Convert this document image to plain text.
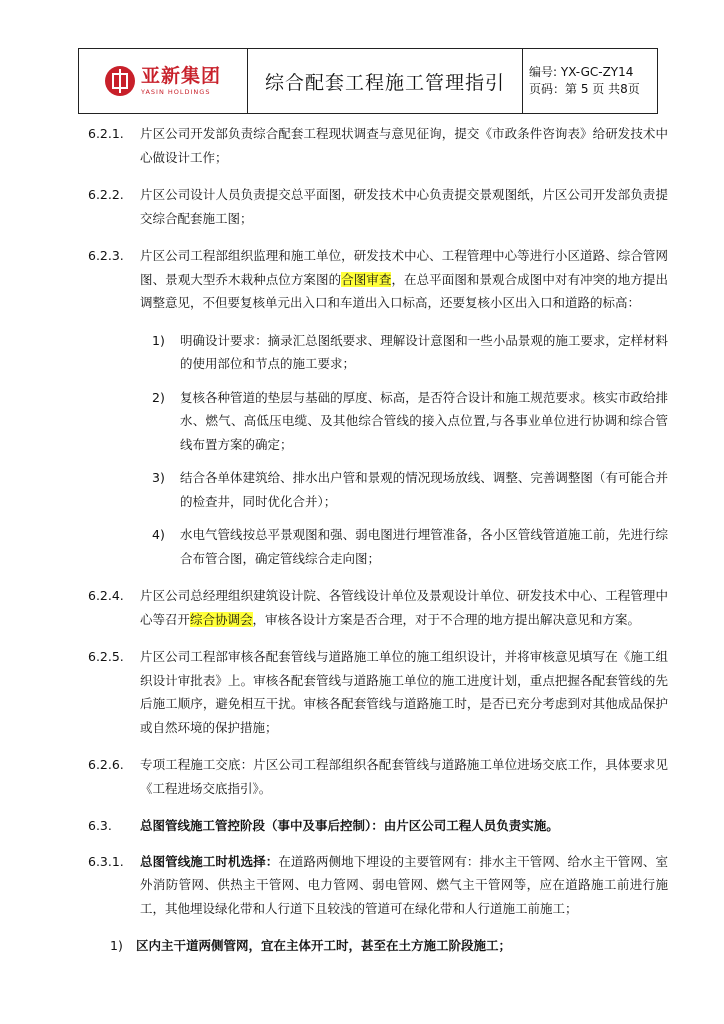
亚新集团
YASIN HOLDINGS	综合配套工程施工管理指引	编号: YX-GC-ZY14
页码：第 5 页 共8页

6.2.1. 片区公司开发部负责综合配套工程现状调查与意见征询，提交《市政条件咨询表》给研发技术中心做设计工作；

6.2.2. 片区公司设计人员负责提交总平面图，研发技术中心负责提交景观图纸，片区公司开发部负责提交综合配套施工图；

6.2.3. 片区公司工程部组织监理和施工单位，研发技术中心、工程管理中心等进行小区道路、综合管网图、景观大型乔木栽种点位方案图的合图审查，在总平面图和景观合成图中对有冲突的地方提出调整意见，不但要复核单元出入口和车道出入口标高，还要复核小区出入口和道路的标高：

1) 明确设计要求：摘录汇总图纸要求、理解设计意图和一些小品景观的施工要求，定样材料的使用部位和节点的施工要求；

2) 复核各种管道的垫层与基础的厚度、标高，是否符合设计和施工规范要求。核实市政给排水、燃气、高低压电缆、及其他综合管线的接入点位置,与各事业单位进行协调和综合管线布置方案的确定；

3) 结合各单体建筑给、排水出户管和景观的情况现场放线、调整、完善调整图（有可能合并的检查井，同时优化合并）；

4) 水电气管线按总平景观图和强、弱电图进行埋管准备，各小区管线管道施工前，先进行综合布管合图，确定管线综合走向图；

6.2.4. 片区公司总经理组织建筑设计院、各管线设计单位及景观设计单位、研发技术中心、工程管理中心等召开综合协调会，审核各设计方案是否合理，对于不合理的地方提出解决意见和方案。

6.2.5. 片区公司工程部审核各配套管线与道路施工单位的施工组织设计，并将审核意见填写在《施工组织设计审批表》上。审核各配套管线与道路施工单位的施工进度计划，重点把握各配套管线的先后施工顺序，避免相互干扰。审核各配套管线与道路施工时，是否已充分考虑到对其他成品保护或自然环境的保护措施；

6.2.6. 专项工程施工交底：片区公司工程部组织各配套管线与道路施工单位进场交底工作，具体要求见《工程进场交底指引》。

6.3. 总图管线施工管控阶段（事中及事后控制）：由片区公司工程人员负责实施。

6.3.1. 总图管线施工时机选择：在道路两侧地下埋设的主要管网有：排水主干管网、给水主干管网、室外消防管网、供热主干管网、电力管网、弱电管网、燃气主干管网等，应在道路施工前进行施工，其他埋设绿化带和人行道下且较浅的管道可在绿化带和人行道施工前施工；

1) 区内主干道两侧管网，宜在主体开工时，甚至在土方施工阶段施工；
